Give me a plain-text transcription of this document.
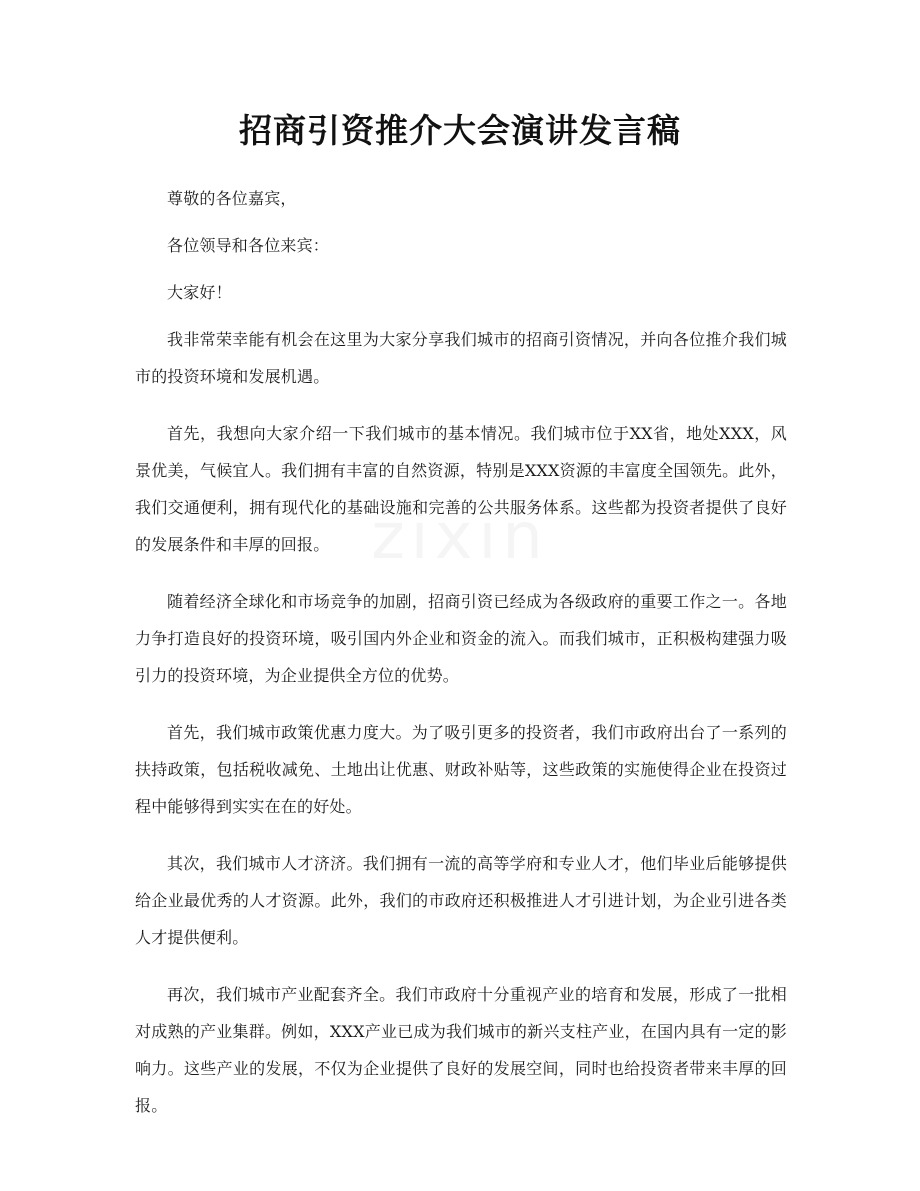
zixin
招商引资推介大会演讲发言稿

尊敬的各位嘉宾，

各位领导和各位来宾：

大家好！

我非常荣幸能有机会在这里为大家分享我们城市的招商引资情况，并向各位推介我们城市的投资环境和发展机遇。

首先，我想向大家介绍一下我们城市的基本情况。我们城市位于XX省，地处XXX，风景优美，气候宜人。我们拥有丰富的自然资源，特别是XXX资源的丰富度全国领先。此外，我们交通便利，拥有现代化的基础设施和完善的公共服务体系。这些都为投资者提供了良好的发展条件和丰厚的回报。

随着经济全球化和市场竞争的加剧，招商引资已经成为各级政府的重要工作之一。各地力争打造良好的投资环境，吸引国内外企业和资金的流入。而我们城市，正积极构建强力吸引力的投资环境，为企业提供全方位的优势。

首先，我们城市政策优惠力度大。为了吸引更多的投资者，我们市政府出台了一系列的扶持政策，包括税收减免、土地出让优惠、财政补贴等，这些政策的实施使得企业在投资过程中能够得到实实在在的好处。

其次，我们城市人才济济。我们拥有一流的高等学府和专业人才，他们毕业后能够提供给企业最优秀的人才资源。此外，我们的市政府还积极推进人才引进计划，为企业引进各类人才提供便利。

再次，我们城市产业配套齐全。我们市政府十分重视产业的培育和发展，形成了一批相对成熟的产业集群。例如，XXX产业已成为我们城市的新兴支柱产业，在国内具有一定的影响力。这些产业的发展，不仅为企业提供了良好的发展空间，同时也给投资者带来丰厚的回报。
